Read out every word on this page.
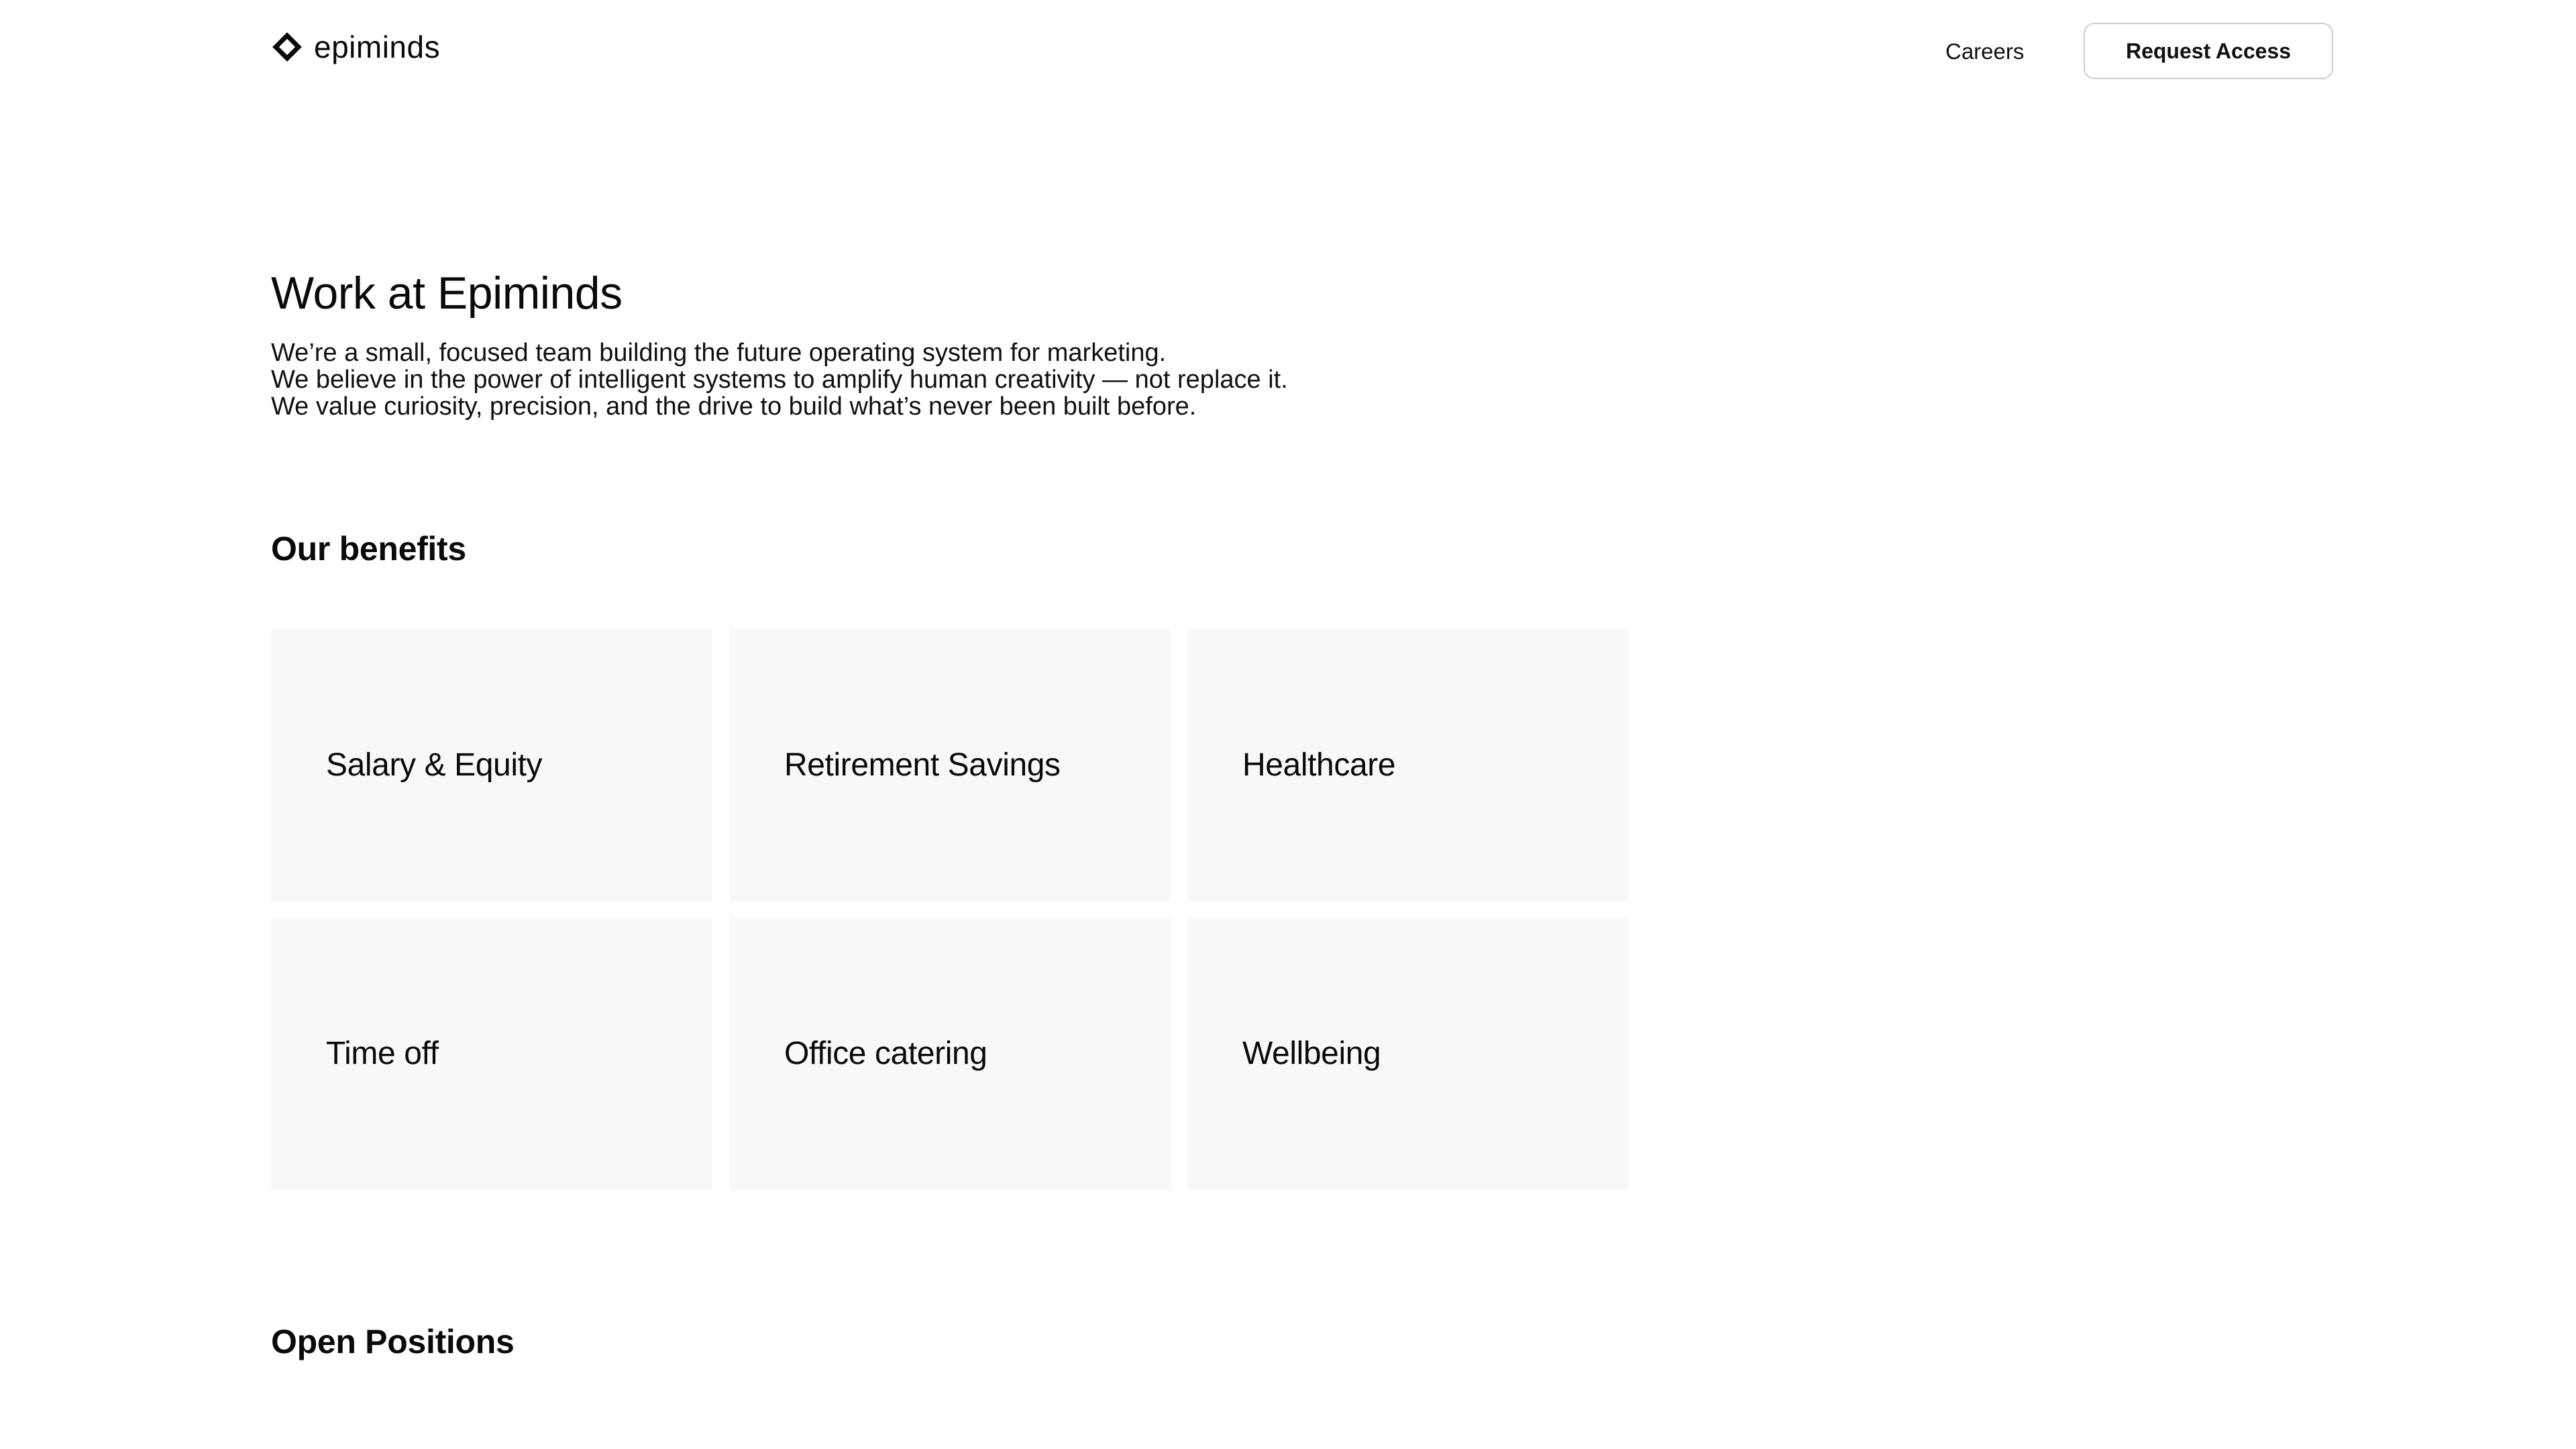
epiminds	Careers	Request Access
Work at Epiminds
We’re a small, focused team building the future operating system for marketing.
We believe in the power of intelligent systems to amplify human creativity — not replace it.
We value curiosity, precision, and the drive to build what’s never been built before.
Our benefits
Salary & Equity	Retirement Savings	Healthcare
Time off	Office catering	Wellbeing
Open Positions
